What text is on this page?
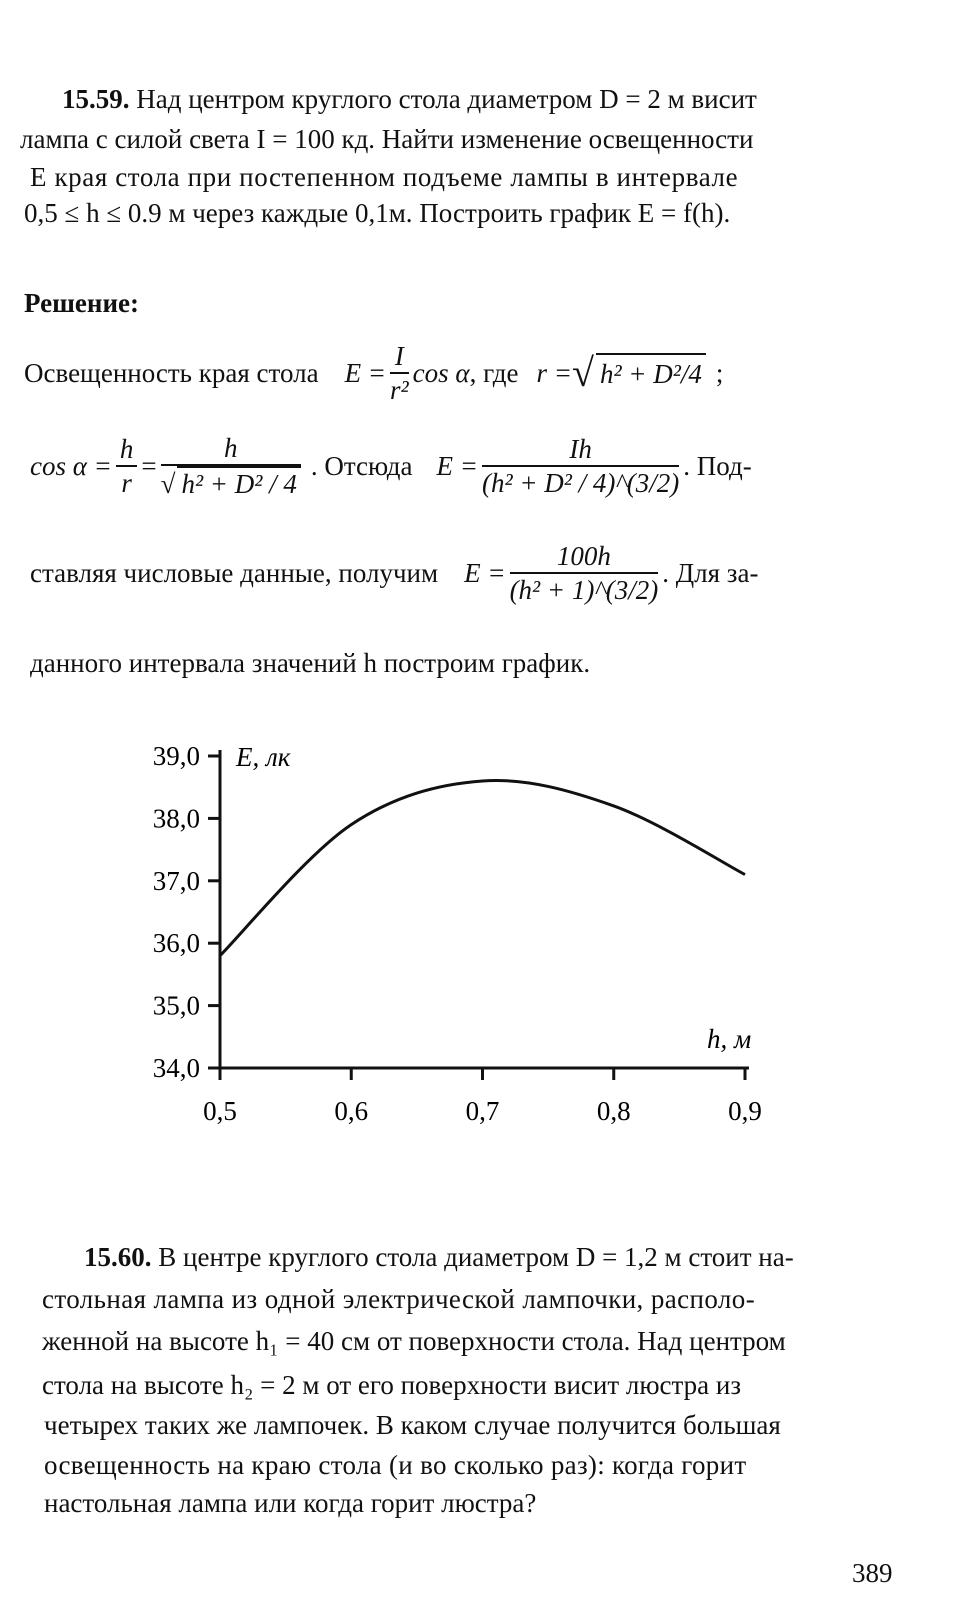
15.59. Над центром круглого стола диаметром D = 2 м висит
лампа с силой света I = 100 кд. Найти изменение освещенности
E края стола при постепенном подъеме лампы в интервале
0,5 ≤ h ≤ 0.9 м через каждые 0,1м. Построить график E = f(h).
Решение:
Освещенность края стола $E = \frac{I}{\text{r²}}$ cos α , где r = √ h² + D²/4 ;
$\cos \alpha = \frac{h}{r} = \frac{h}{\text{√ h² + D² / 4}}$ . Отсюда $E = \frac{Ih}{\text{(h² + D² / 4)\textasciicircum{}(3/2)}}$ . Под-
ставляя числовые данные, получим $E = \frac{100h}{\text{(h² + 1)\textasciicircum{}(3/2)}}$ . Для за-
данного интервала значений h построим график.
34,0
35,0
36,0
37,0
38,0
39,0
0,5	0,6	0,7	0,8	0,9
E, лк
h, м
15.60. В центре круглого стола диаметром D = 1,2 м стоит на-
стольная лампа из одной электрической лампочки, располо-
женной на высоте h₁ = 40 см от поверхности стола. Над центром
стола на высоте h₂ = 2 м от его поверхности висит люстра из
четырех таких же лампочек. В каком случае получится большая
освещенность на краю стола (и во сколько раз): когда горит
настольная лампа или когда горит люстра?
389
